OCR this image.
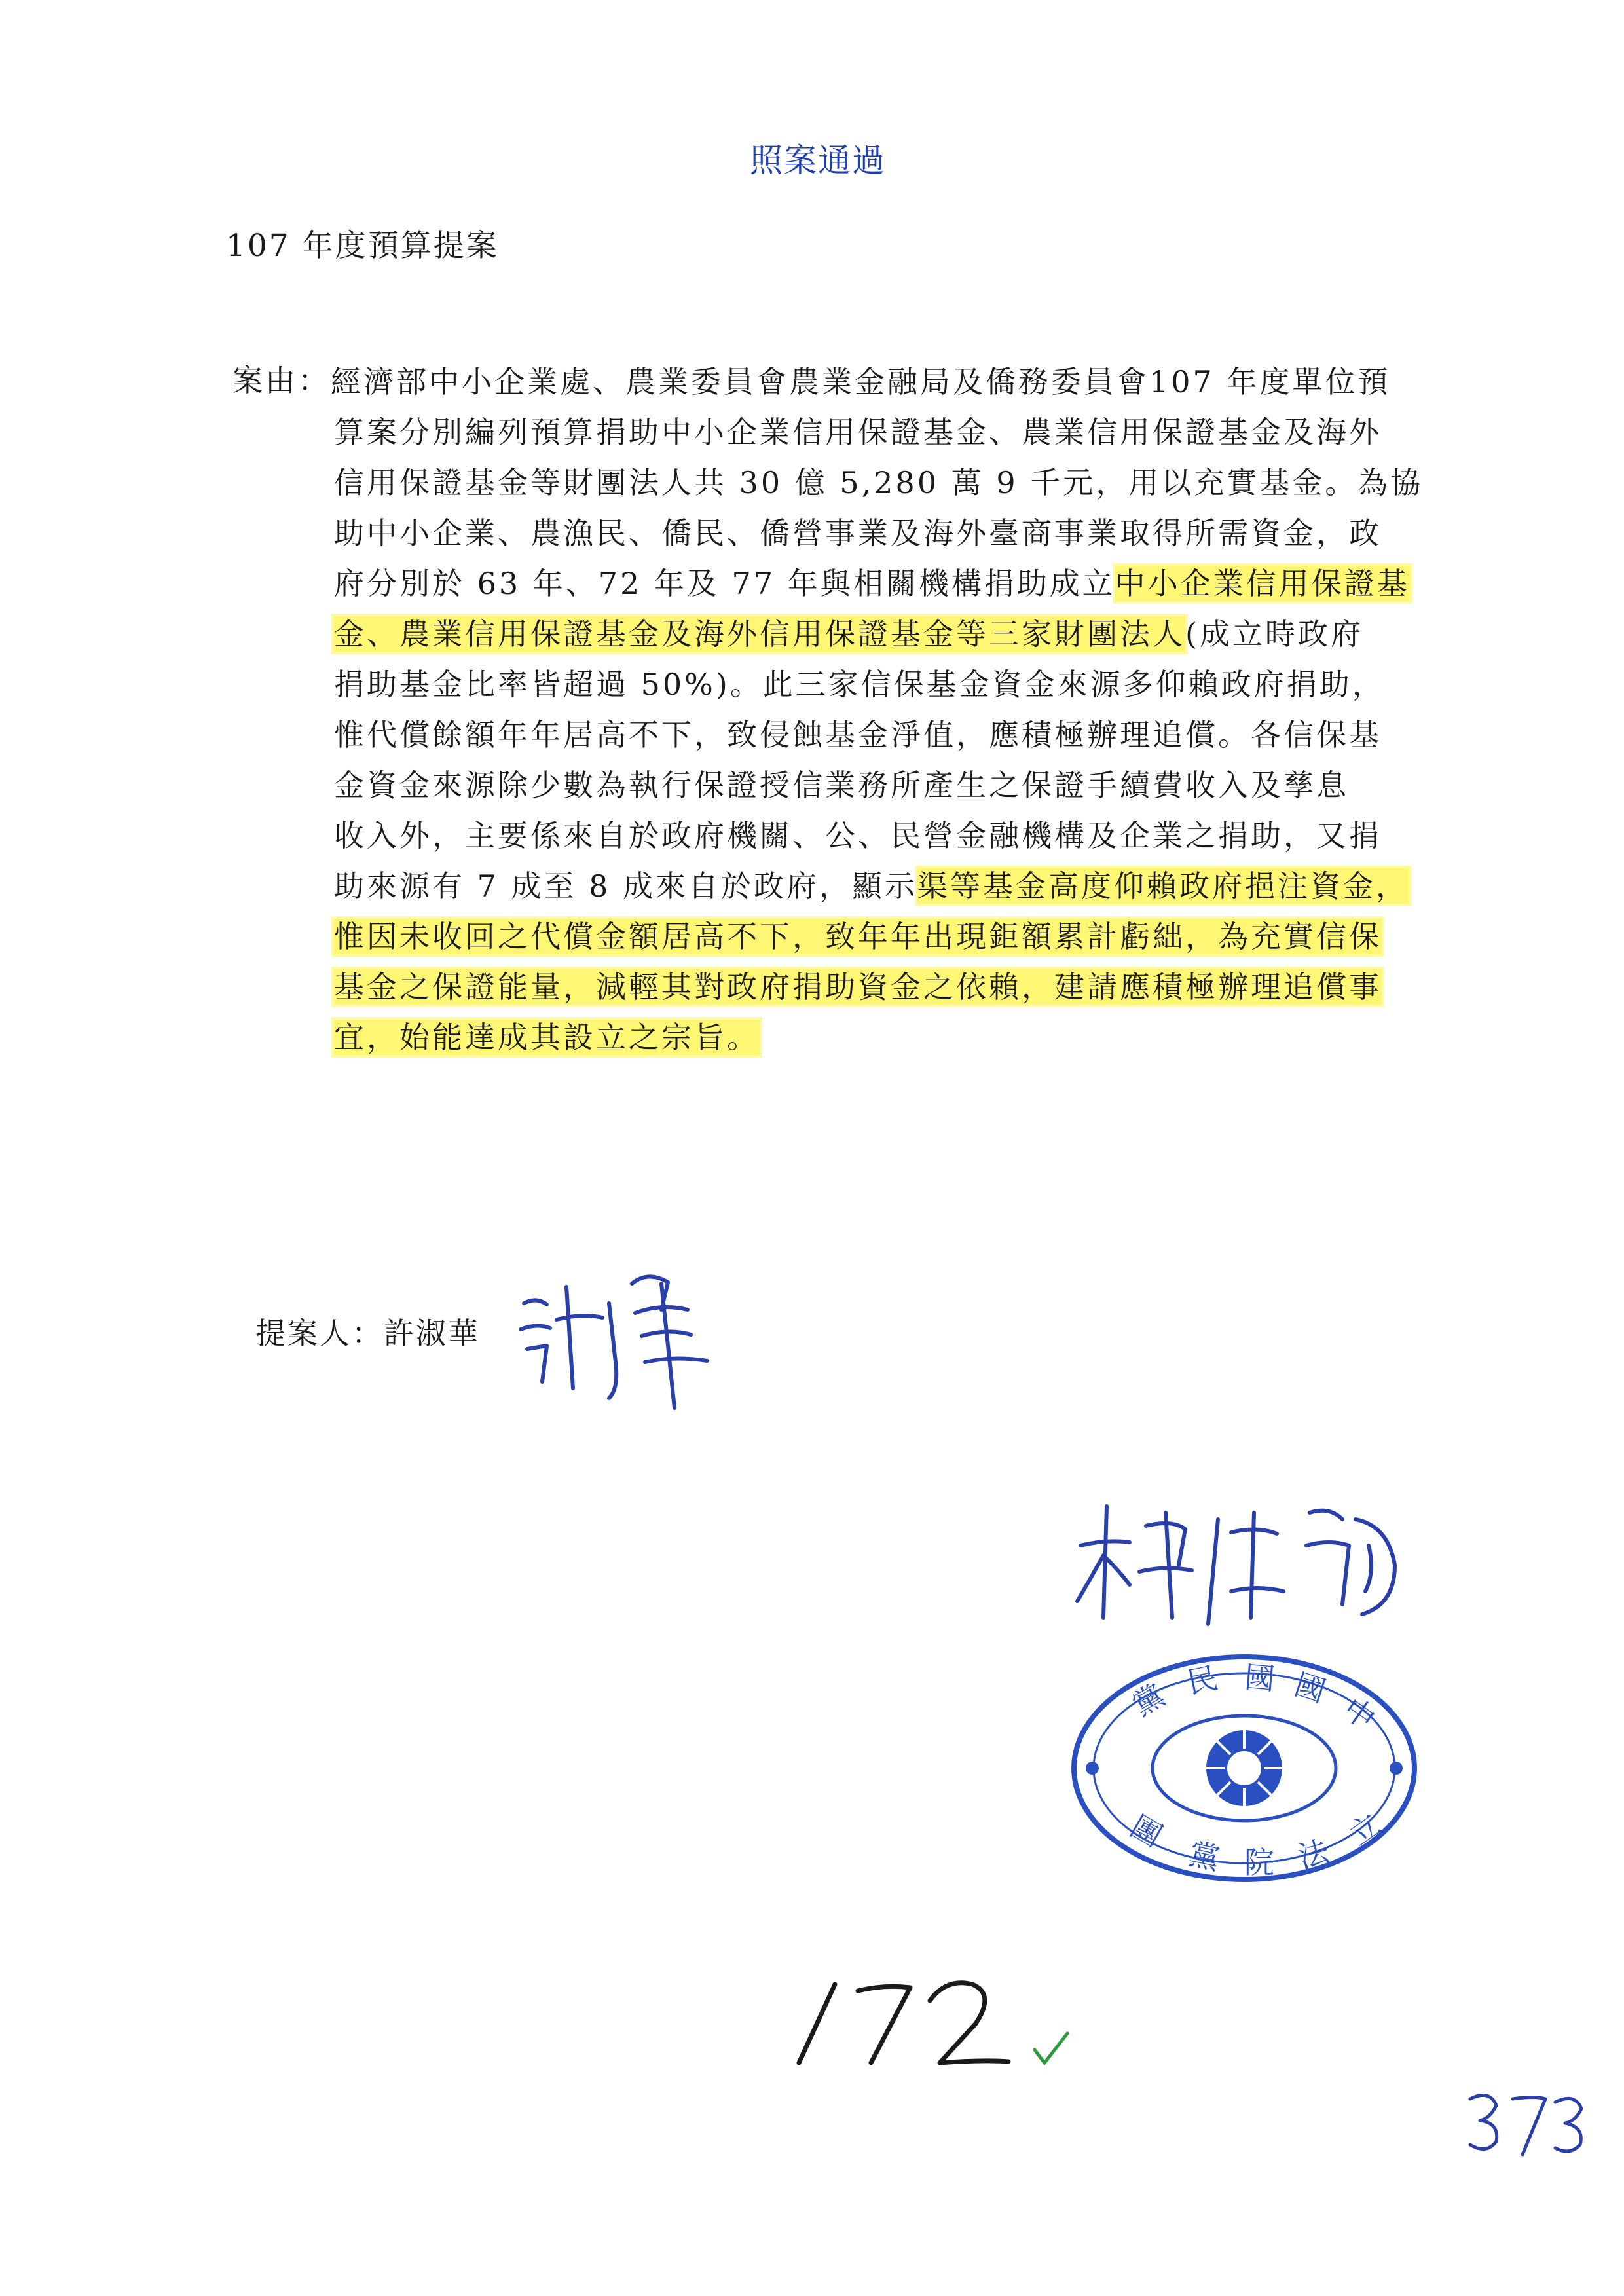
照案通過
107 年度預算提案
案由： 經濟部中小企業處、農業委員會農業金融局及僑務委員會107 年度單位預
算案分別編列預算捐助中小企業信用保證基金、農業信用保證基金及海外
信用保證基金等財團法人共 30 億 5,280 萬 9 千元，用以充實基金。為協
助中小企業、農漁民、僑民、僑營事業及海外臺商事業取得所需資金，政
府分別於 63 年、72 年及 77 年與相關機構捐助成立中小企業信用保證基
金、農業信用保證基金及海外信用保證基金等三家財團法人(成立時政府
捐助基金比率皆超過 50%)。此三家信保基金資金來源多仰賴政府捐助，
惟代償餘額年年居高不下，致侵蝕基金淨值，應積極辦理追償。各信保基
金資金來源除少數為執行保證授信業務所產生之保證手續費收入及孳息
收入外，主要係來自於政府機關、公、民營金融機構及企業之捐助，又捐
助來源有 7 成至 8 成來自於政府，顯示渠等基金高度仰賴政府挹注資金，
惟因未收回之代償金額居高不下，致年年出現鉅額累計虧絀，為充實信保
基金之保證能量，減輕其對政府捐助資金之依賴，建請應積極辦理追償事
宜，始能達成其設立之宗旨。
提案人：許淑華
黨 民 國 國
中
立
法
院
黨
團
